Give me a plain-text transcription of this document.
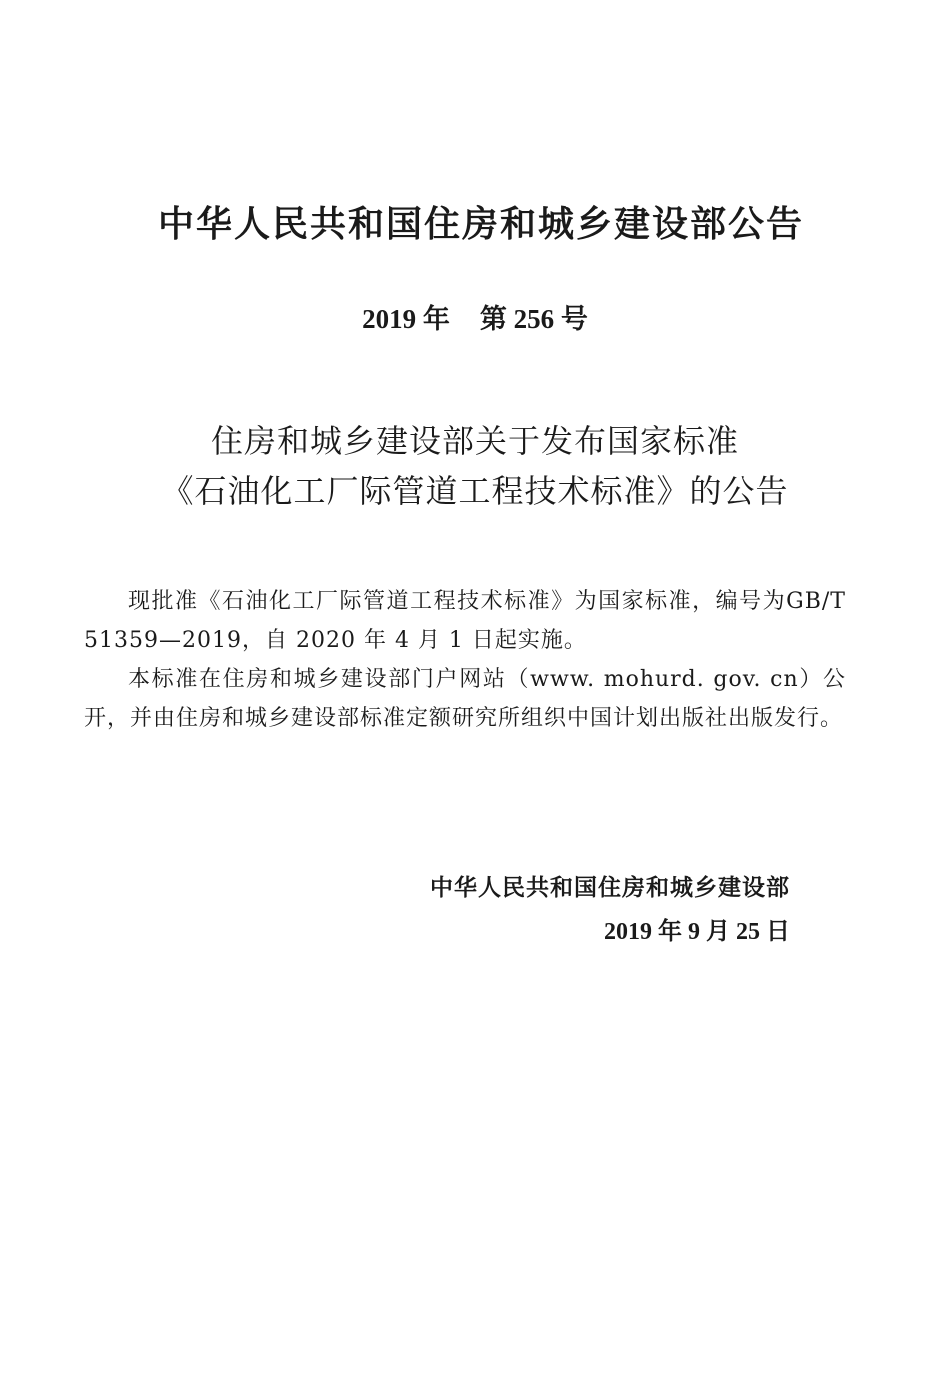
中华人民共和国住房和城乡建设部公告
2019 年 第 256 号
住房和城乡建设部关于发布国家标准
《石油化工厂际管道工程技术标准》的公告

现批准《石油化工厂际管道工程技术标准》为国家标准，编号为GB/T 51359—2019，自 2020 年 4 月 1 日起实施。

本标准在住房和城乡建设部门户网站（www. mohurd. gov. cn）公开，并由住房和城乡建设部标准定额研究所组织中国计划出版社出版发行。

中华人民共和国住房和城乡建设部
2019 年 9 月 25 日
